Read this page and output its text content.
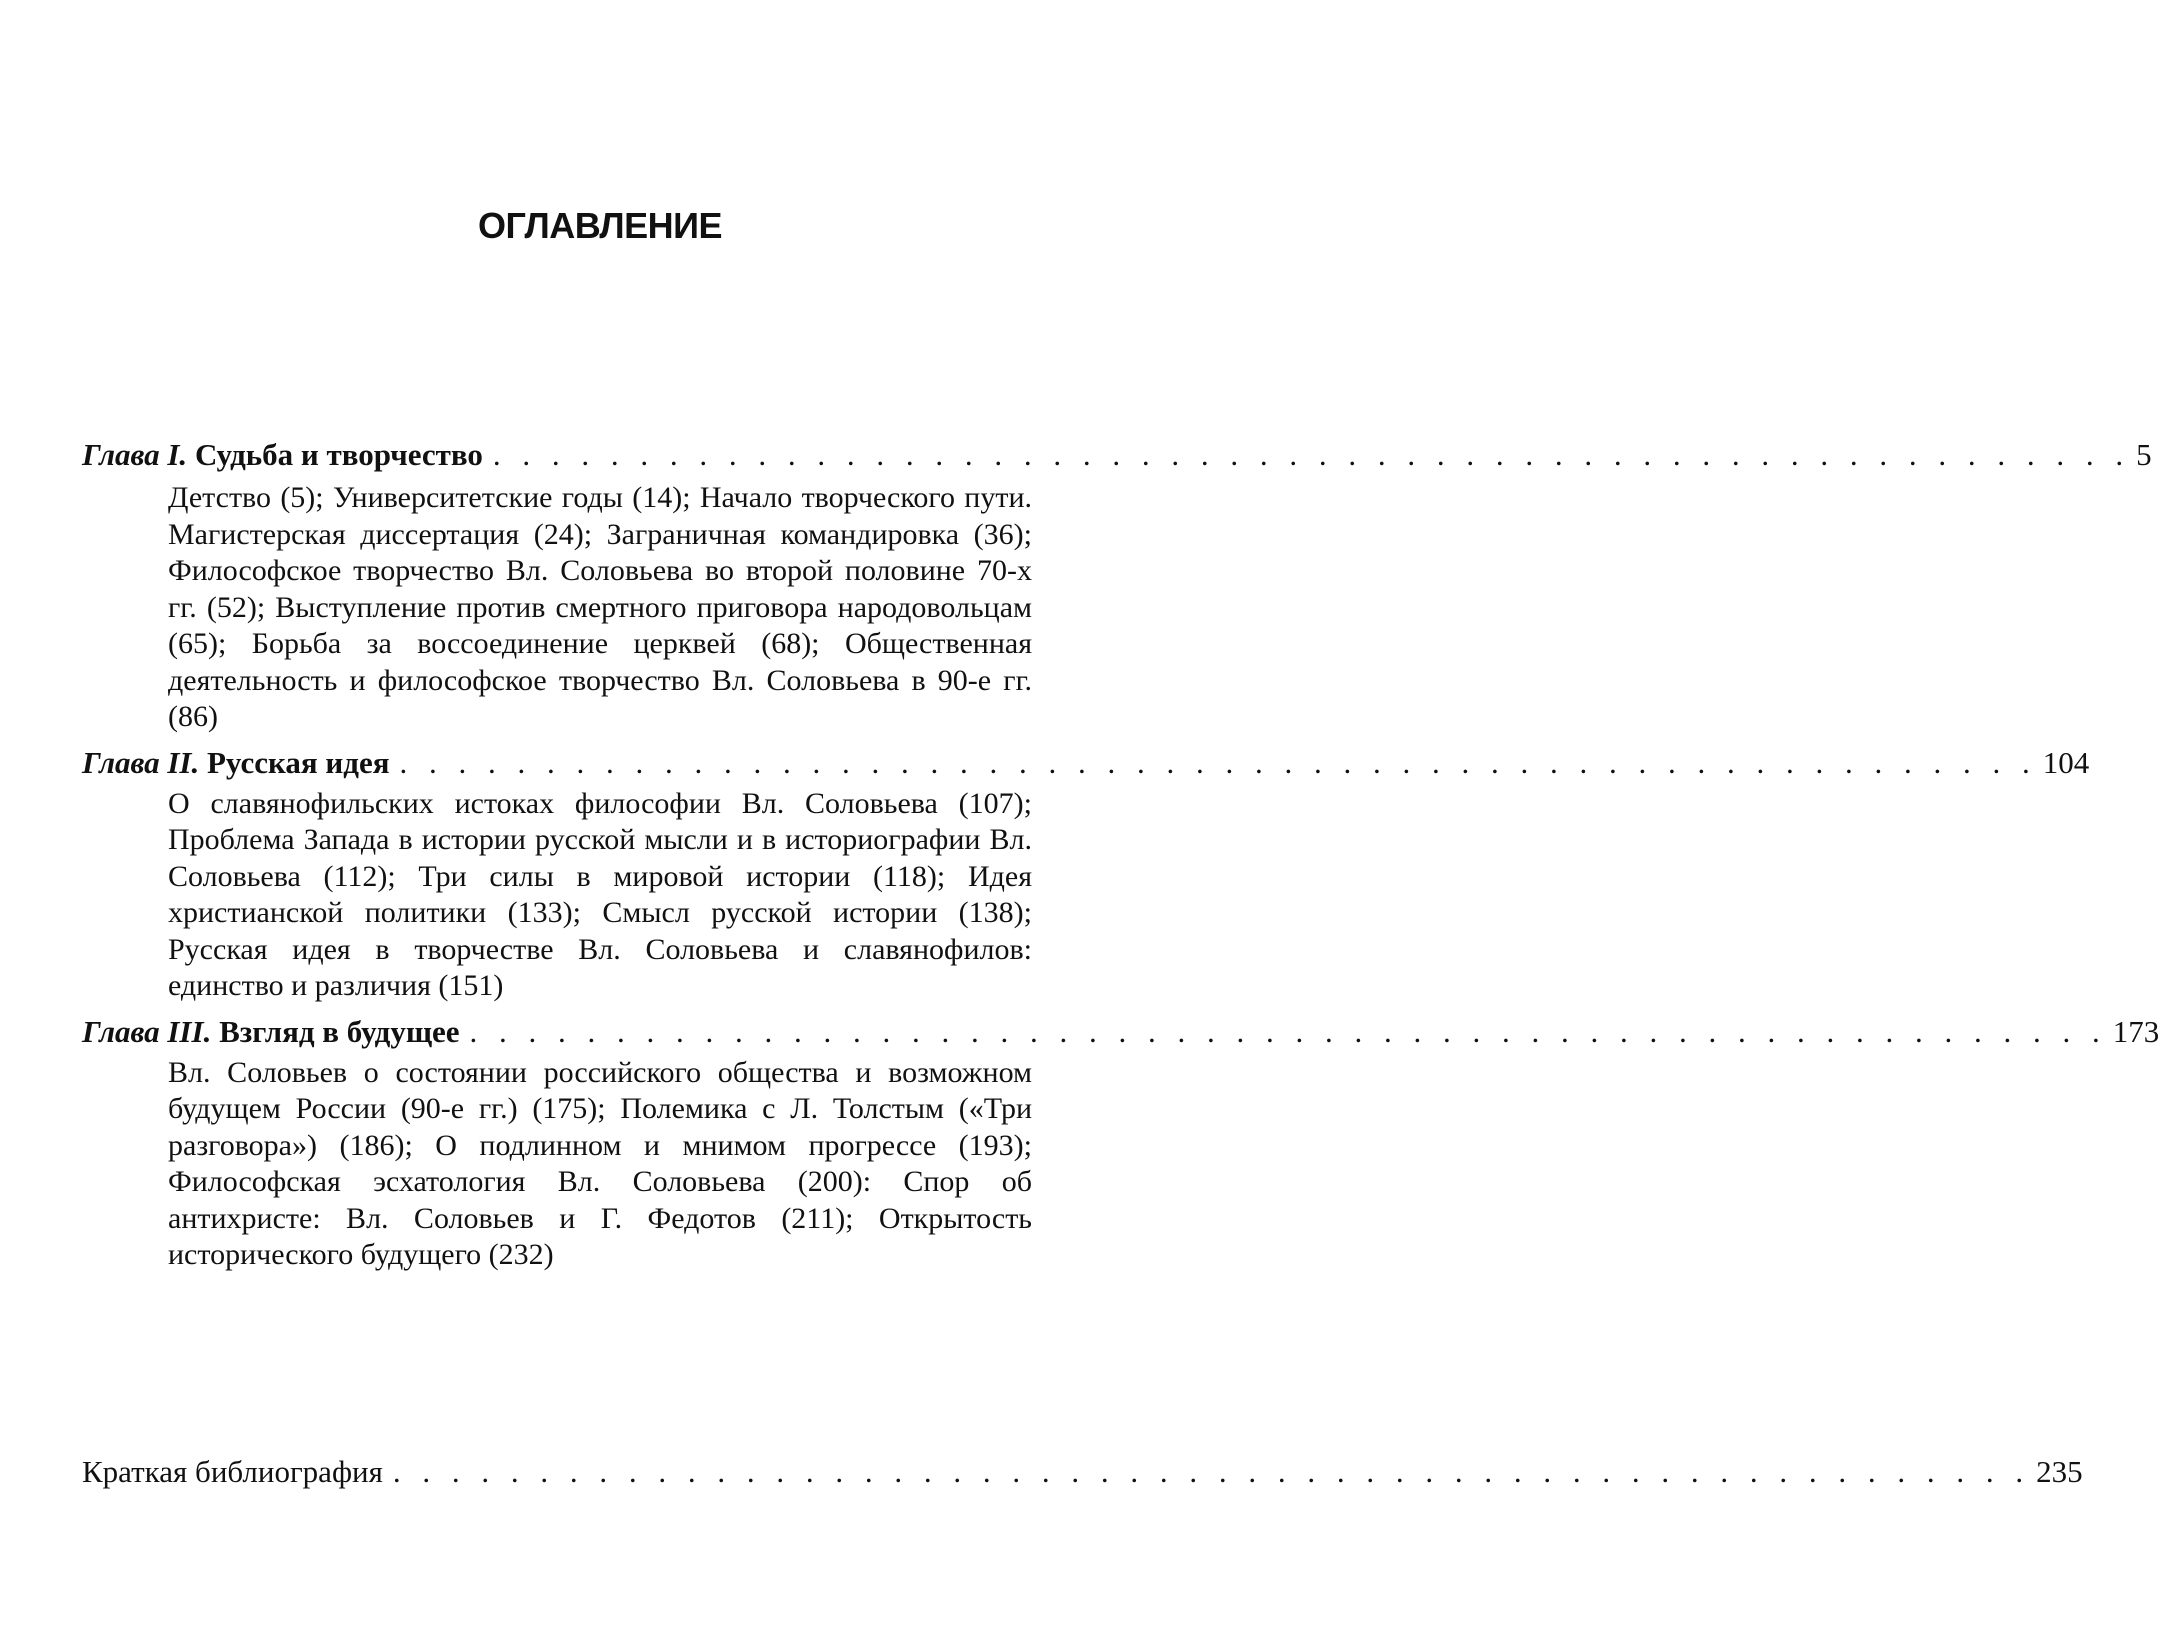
ОГЛАВЛЕНИЕ
Глава I.
Судьба и творчество . . . . . . . . . . . . . . . . . . . . . . . . . . . . . . . . . . . . . . . . . . . . . . . . . . . . . . . . 5
Детство (5); Университетские годы (14); Начало творческого пути. Магистерская диссертация (24); Заграничная командировка (36); Философское творчество Вл. Соловьева во второй половине 70-х гг. (52); Выступление против смертного приговора народовольцам (65); Борьба за воссоединение церквей (68); Общественная деятельность и философское творчество Вл. Соловьева в 90-е гг. (86)
Глава II.
Русская идея . . . . . . . . . . . . . . . . . . . . . . . . . . . . . . . . . . . . . . . . . . . . . . . . . . . . . . . . 104
О славянофильских истоках философии Вл. Соловьева (107); Проблема Запада в истории русской мысли и в историографии Вл. Соловьева (112); Три силы в мировой истории (118); Идея христианской политики (133); Смысл русской истории (138); Русская идея в творчестве Вл. Соловьева и славянофилов: единство и различия (151)
Глава III.
Взгляд в будущее . . . . . . . . . . . . . . . . . . . . . . . . . . . . . . . . . . . . . . . . . . . . . . . . . . . . . . . . 173
Вл. Соловьев о состоянии российского общества и возможном будущем России (90-е гг.) (175); Полемика с Л. Толстым («Три разговора») (186); О подлинном и мнимом прогрессе (193); Философская эсхатология Вл. Соловьева (200): Спор об антихристе: Вл. Соловьев и Г. Федотов (211); Открытость исторического будущего (232)
Краткая библиография . . . . . . . . . . . . . . . . . . . . . . . . . . . . . . . . . . . . . . . . . . . . . . . . . . . . . . . . 235
